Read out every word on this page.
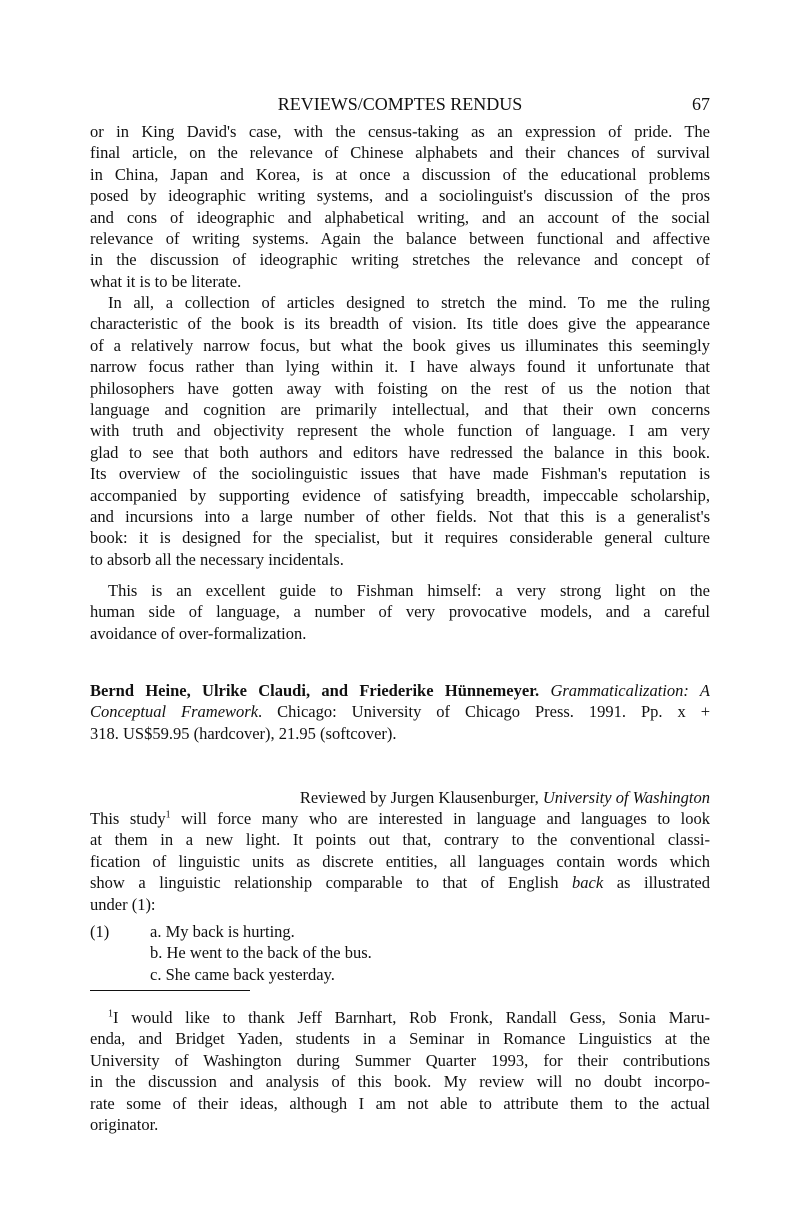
REVIEWS/COMPTES RENDUS	67
or in King David's case, with the census-taking as an expression of pride. The
final article, on the relevance of Chinese alphabets and their chances of survival
in China, Japan and Korea, is at once a discussion of the educational problems
posed by ideographic writing systems, and a sociolinguist's discussion of the pros
and cons of ideographic and alphabetical writing, and an account of the social
relevance of writing systems. Again the balance between functional and affective
in the discussion of ideographic writing stretches the relevance and concept of
what it is to be literate.
In all, a collection of articles designed to stretch the mind. To me the ruling
characteristic of the book is its breadth of vision. Its title does give the appearance
of a relatively narrow focus, but what the book gives us illuminates this seemingly
narrow focus rather than lying within it. I have always found it unfortunate that
philosophers have gotten away with foisting on the rest of us the notion that
language and cognition are primarily intellectual, and that their own concerns
with truth and objectivity represent the whole function of language. I am very
glad to see that both authors and editors have redressed the balance in this book.
Its overview of the sociolinguistic issues that have made Fishman's reputation is
accompanied by supporting evidence of satisfying breadth, impeccable scholarship,
and incursions into a large number of other fields. Not that this is a generalist's
book: it is designed for the specialist, but it requires considerable general culture
to absorb all the necessary incidentals.
This is an excellent guide to Fishman himself: a very strong light on the
human side of language, a number of very provocative models, and a careful
avoidance of over-formalization.
Bernd Heine, Ulrike Claudi, and Friederike Hünnemeyer. Grammaticalization: A
Conceptual Framework. Chicago: University of Chicago Press. 1991. Pp. x +
318. US$59.95 (hardcover), 21.95 (softcover).
Reviewed by Jurgen Klausenburger, University of Washington
This study$^1$ will force many who are interested in language and languages to look
at them in a new light. It points out that, contrary to the conventional classi-
fication of linguistic units as discrete entities, all languages contain words which
show a linguistic relationship comparable to that of English back as illustrated
under (1):
(1) a. My back is hurting.
b. He went to the back of the bus.
c. She came back yesterday.
$^1$I would like to thank Jeff Barnhart, Rob Fronk, Randall Gess, Sonia Maru-
enda, and Bridget Yaden, students in a Seminar in Romance Linguistics at the
University of Washington during Summer Quarter 1993, for their contributions
in the discussion and analysis of this book. My review will no doubt incorpo-
rate some of their ideas, although I am not able to attribute them to the actual
originator.
